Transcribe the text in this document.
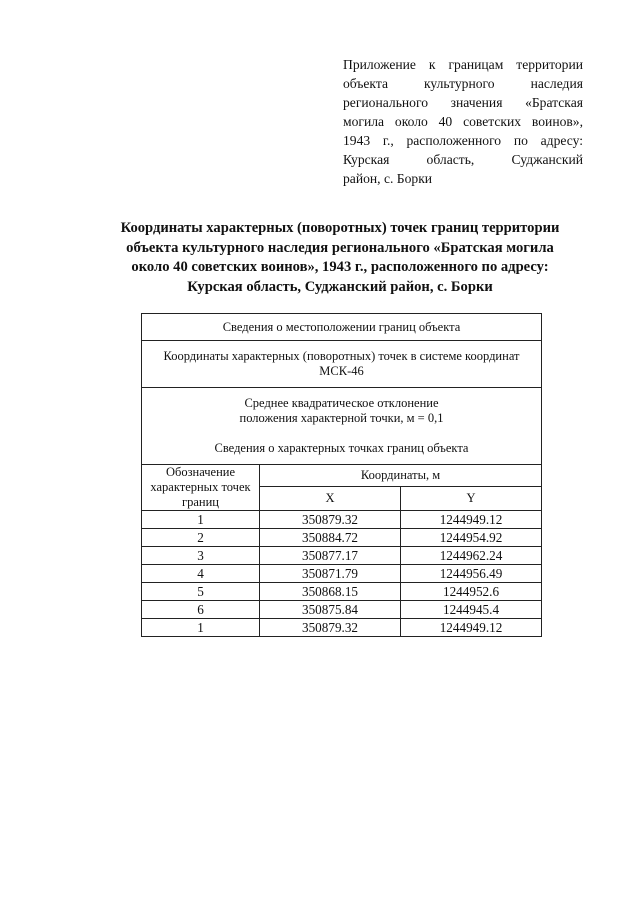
Приложение к границам территории
объекта культурного наследия
регионального значения «Братская
могила около 40 советских воинов»,
1943 г., расположенного по адресу:
Курская область, Суджанский
район, с. Борки
Координаты характерных (поворотных) точек границ территории
объекта культурного наследия регионального «Братская могила
около 40 советских воинов», 1943 г., расположенного по адресу:
Курская область, Суджанский район, с. Борки
Сведения о местоположении границ объекта		
Координаты характерных (поворотных) точек в системе координат МСК-46		

Среднее квадратическое отклонение
положения характерной точки, м = 0,1
Сведения о характерных точках границ объекта		

Обозначение характерных точек границ	Координаты, м	
	X	Y
1	350879.32	1244949.12
2	350884.72	1244954.92
3	350877.17	1244962.24
4	350871.79	1244956.49
5	350868.15	1244952.6
6	350875.84	1244945.4
1	350879.32	1244949.12
